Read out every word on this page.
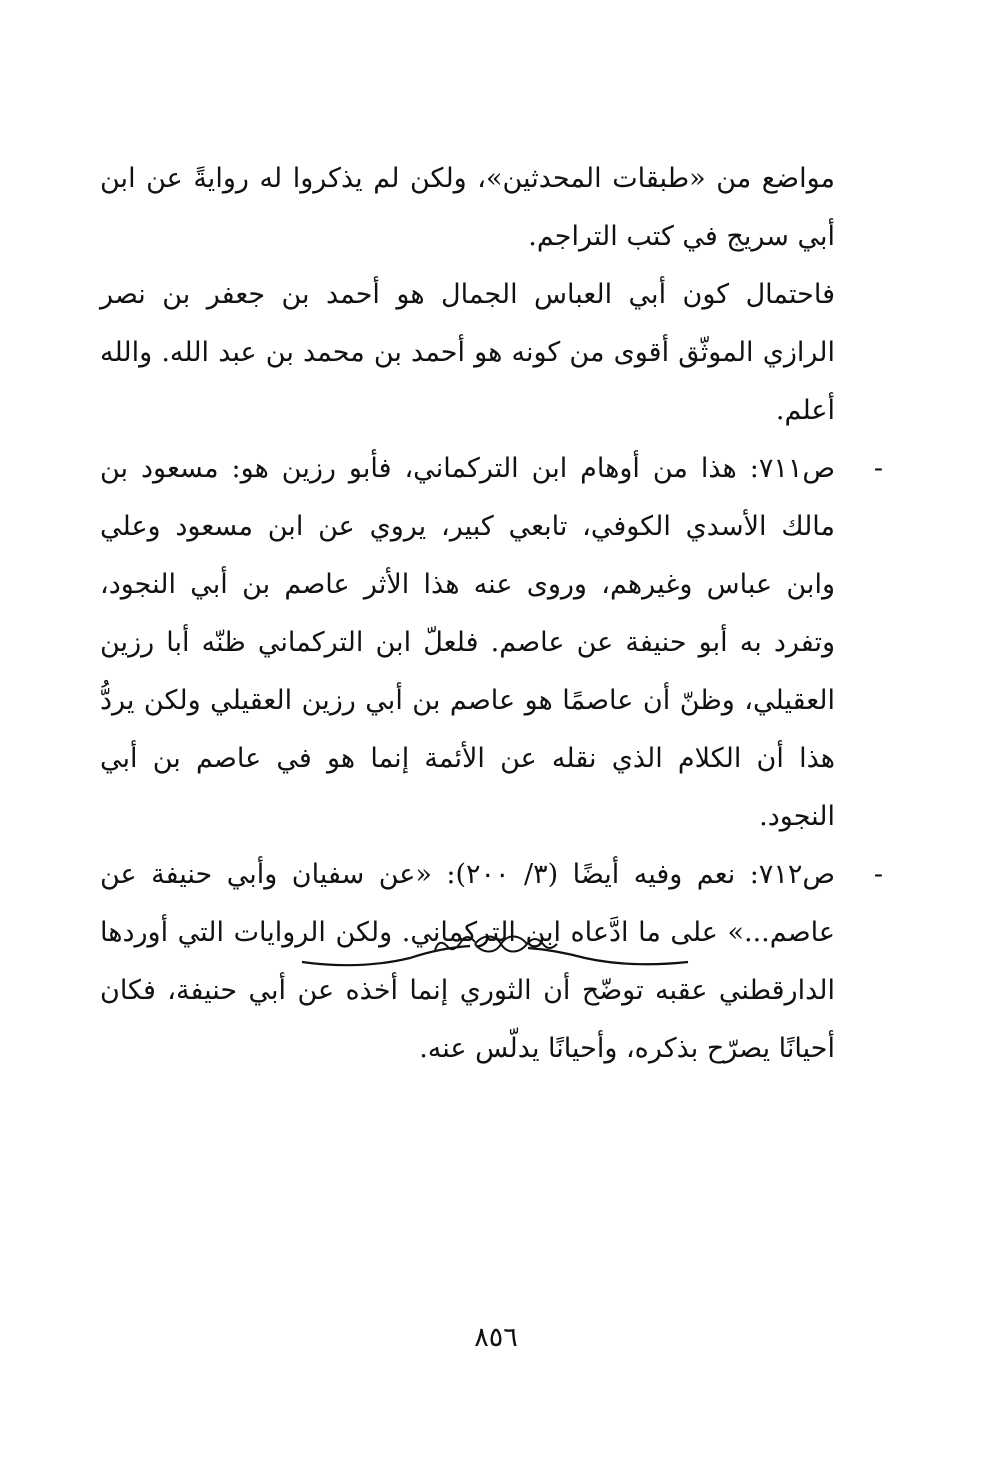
مواضع من «طبقات المحدثين»، ولكن لم يذكروا له روايةً عن ابن أبي سريج في كتب التراجم.

فاحتمال كون أبي العباس الجمال هو أحمد بن جعفر بن نصر الرازي الموثّق أقوى من كونه هو أحمد بن محمد بن عبد الله. والله أعلم.

-

ص٧١١: هذا من أوهام ابن التركماني، فأبو رزين هو: مسعود بن مالك الأسدي الكوفي، تابعي كبير، يروي عن ابن مسعود وعلي وابن عباس وغيرهم، وروى عنه هذا الأثر عاصم بن أبي النجود، وتفرد به أبو حنيفة عن عاصم. فلعلّ ابن التركماني ظنّه أبا رزين العقيلي، وظنّ أن عاصمًا هو عاصم بن أبي رزين العقيلي ولكن يردُّ هذا أن الكلام الذي نقله عن الأئمة إنما هو في عاصم بن أبي النجود.

-

ص٧١٢: نعم وفيه أيضًا (٣/ ٢٠٠): «عن سفيان وأبي حنيفة عن عاصم...» على ما ادَّعاه ابن التركماني. ولكن الروايات التي أوردها الدارقطني عقبه توضّح أن الثوري إنما أخذه عن أبي حنيفة، فكان أحيانًا يصرّح بذكره، وأحيانًا يدلّس عنه.

٨٥٦
